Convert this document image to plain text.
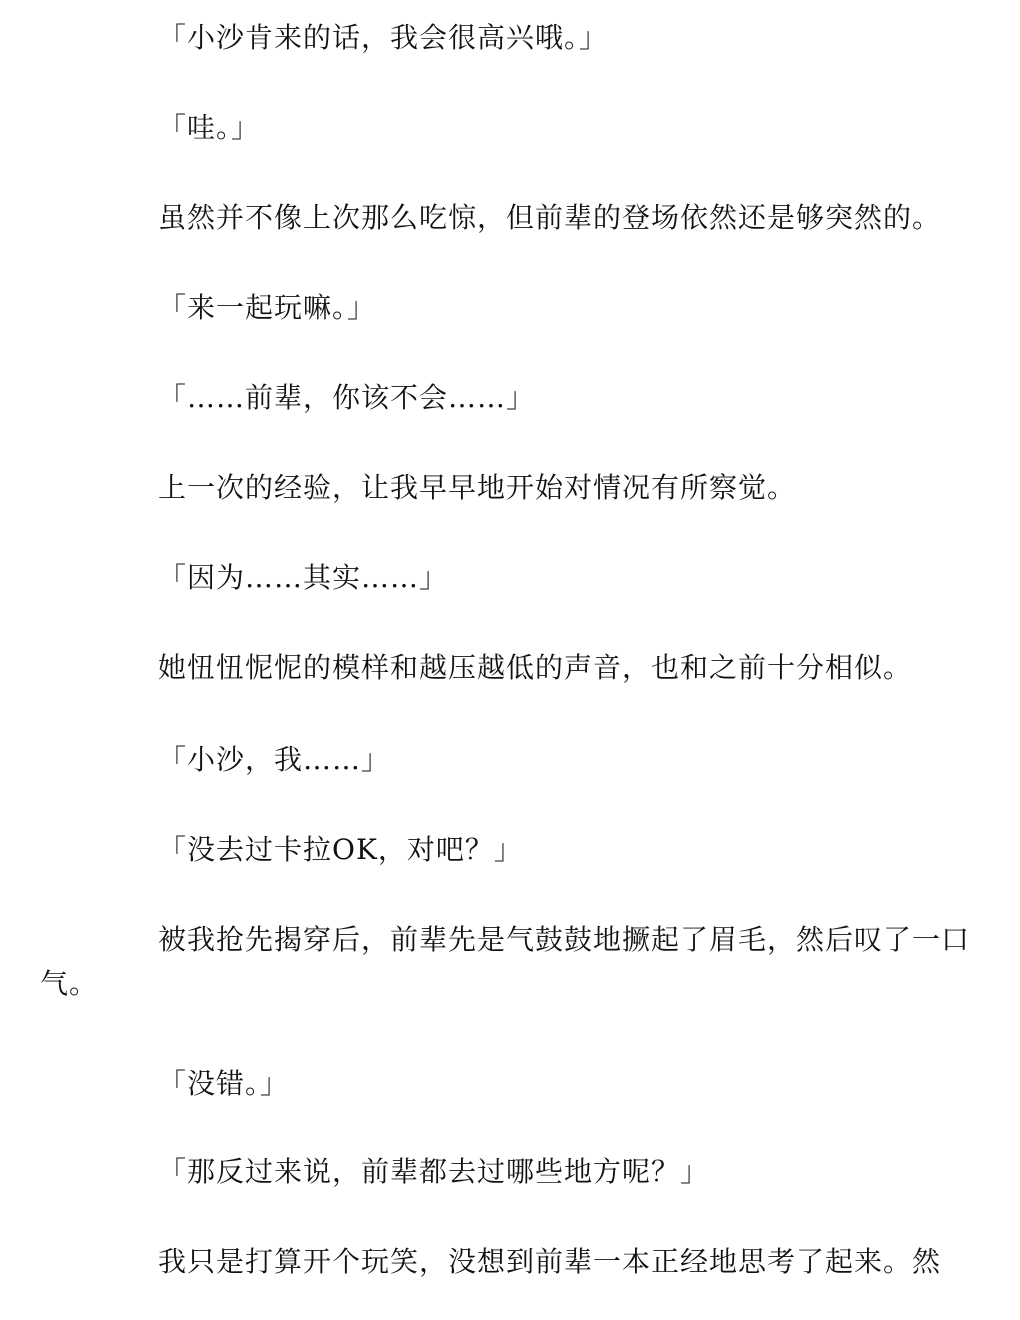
「小沙肯来的话，我会很高兴哦。」

「哇。」

虽然并不像上次那么吃惊，但前辈的登场依然还是够突然的。

「来一起玩嘛。」

「……前辈，你该不会……」

上一次的经验，让我早早地开始对情况有所察觉。

「因为……其实……」

她忸忸怩怩的模样和越压越低的声音，也和之前十分相似。

「小沙，我……」

「没去过卡拉OK，对吧？」

被我抢先揭穿后，前辈先是气鼓鼓地撅起了眉毛，然后叹了一口
气。

「没错。」

「那反过来说，前辈都去过哪些地方呢？」

我只是打算开个玩笑，没想到前辈一本正经地思考了起来。然
